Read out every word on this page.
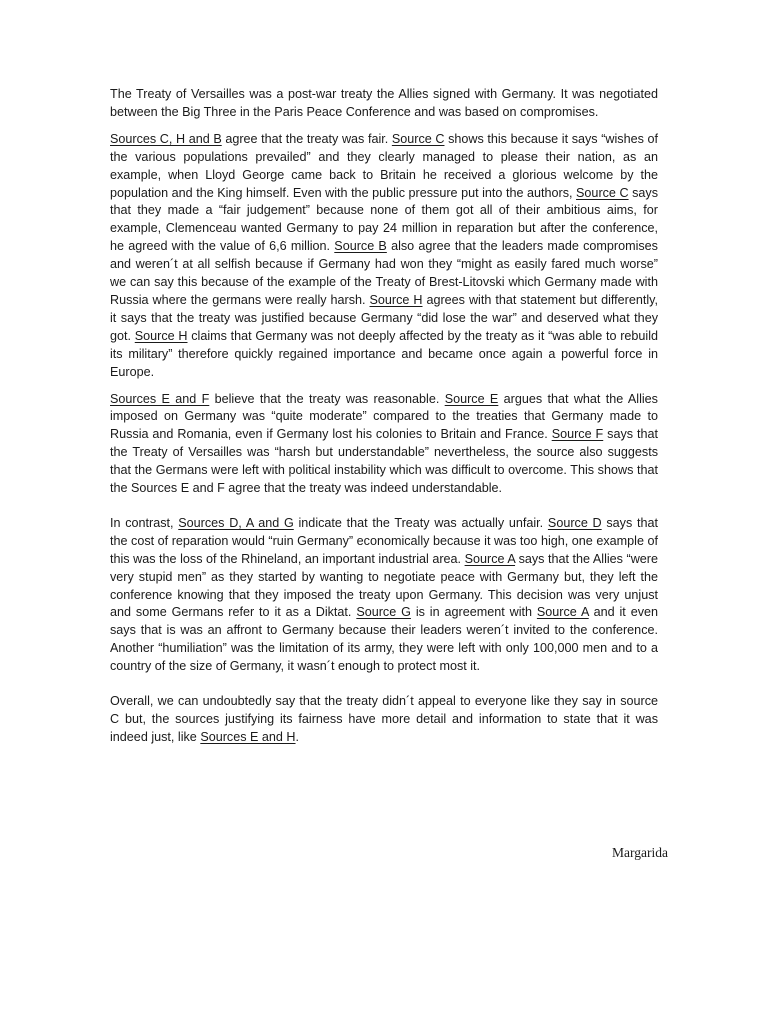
The Treaty of Versailles was a post-war treaty the Allies signed with Germany. It was negotiated between the Big Three in the Paris Peace Conference and was based on compromises.

Sources C, H and B agree that the treaty was fair. Source C shows this because it says “wishes of the various populations prevailed” and they clearly managed to please their nation, as an example, when Lloyd George came back to Britain he received a glorious welcome by the population and the King himself. Even with the public pressure put into the authors, Source C says that they made a “fair judgement” because none of them got all of their ambitious aims, for example, Clemenceau wanted Germany to pay 24 million in reparation but after the conference, he agreed with the value of 6,6 million. Source B also agree that the leaders made compromises and weren´t at all selfish because if Germany had won they “might as easily fared much worse” we can say this because of the example of the Treaty of Brest-Litovski which Germany made with Russia where the germans were really harsh. Source H agrees with that statement but differently, it says that the treaty was justified because Germany “did lose the war” and deserved what they got. Source H claims that Germany was not deeply affected by the treaty as it “was able to rebuild its military” therefore quickly regained importance and became once again a powerful force in Europe.

Sources E and F believe that the treaty was reasonable. Source E argues that what the Allies imposed on Germany was “quite moderate” compared to the treaties that Germany made to Russia and Romania, even if Germany lost his colonies to Britain and France. Source F says that the Treaty of Versailles was “harsh but understandable” nevertheless, the source also suggests that the Germans were left with political instability which was difficult to overcome. This shows that the Sources E and F agree that the treaty was indeed understandable.

In contrast, Sources D, A and G indicate that the Treaty was actually unfair. Source D says that the cost of reparation would “ruin Germany” economically because it was too high, one example of this was the loss of the Rhineland, an important industrial area. Source A says that the Allies “were very stupid men” as they started by wanting to negotiate peace with Germany but, they left the conference knowing that they imposed the treaty upon Germany. This decision was very unjust and some Germans refer to it as a Diktat. Source G is in agreement with Source A and it even says that is was an affront to Germany because their leaders weren´t invited to the conference. Another “humiliation” was the limitation of its army, they were left with only 100,000 men and to a country of the size of Germany, it wasn´t enough to protect most it.

Overall, we can undoubtedly say that the treaty didn´t appeal to everyone like they say in source C but, the sources justifying its fairness have more detail and information to state that it was indeed just, like Sources E and H.

Margarida
